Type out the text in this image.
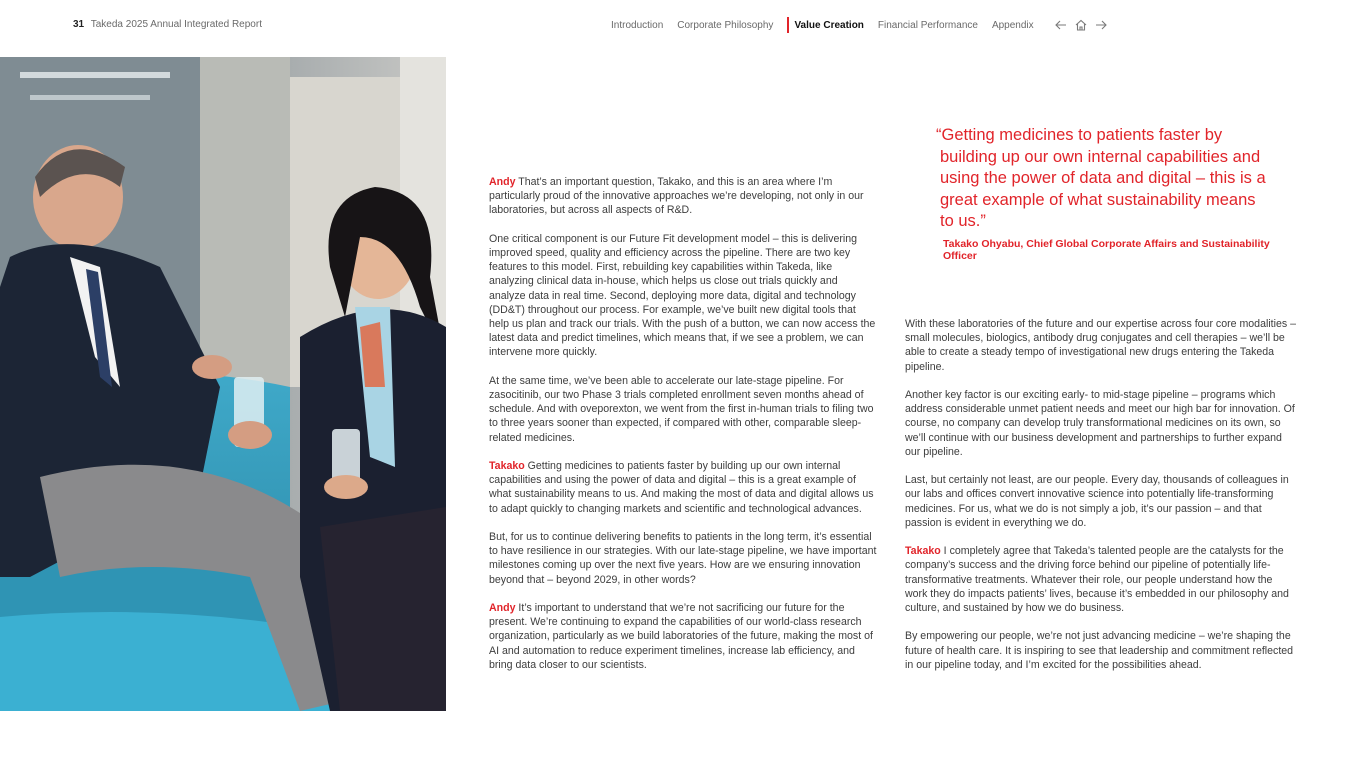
31 Takeda 2025 Annual Integrated Report	Introduction Corporate Philosophy	Value Creation Financial Performance Appendix

Andy That’s an important question, Takako, and this is an area where I’m particularly proud of the innovative approaches we’re developing, not only in our laboratories, but across all aspects of R&D.

One critical component is our Future Fit development model – this is delivering improved speed, quality and efficiency across the pipeline. There are two key features to this model. First, rebuilding key capabilities within Takeda, like analyzing clinical data in-house, which helps us close out trials quickly and analyze data in real time. Second, deploying more data, digital and technology (DD&T) throughout our process. For example, we’ve built new digital tools that help us plan and track our trials. With the push of a button, we can now access the latest data and predict timelines, which means that, if we see a problem, we can intervene more quickly.

At the same time, we’ve been able to accelerate our late-stage pipeline. For zasocitinib, our two Phase 3 trials completed enrollment seven months ahead of schedule. And with oveporexton, we went from the first in-human trials to filing two to three years sooner than expected, if compared with other, comparable sleep-related medicines.

Takako Getting medicines to patients faster by building up our own internal capabilities and using the power of data and digital – this is a great example of what sustainability means to us. And making the most of data and digital allows us to adapt quickly to changing markets and scientific and technological advances.

But, for us to continue delivering benefits to patients in the long term, it’s essential to have resilience in our strategies. With our late-stage pipeline, we have important milestones coming up over the next five years. How are we ensuring innovation beyond that – beyond 2029, in other words?

Andy It’s important to understand that we’re not sacrificing our future for the present. We’re continuing to expand the capabilities of our world-class research organization, particularly as we build laboratories of the future, making the most of AI and automation to reduce experiment timelines, increase lab efficiency, and bring data closer to our scientists.

“Getting medicines to patients faster by building up our own internal capabilities and using the power of data and digital – this is a great example of what sustainability means to us.”
Takako Ohyabu, Chief Global Corporate Affairs and Sustainability Officer

With these laboratories of the future and our expertise across four core modalities – small molecules, biologics, antibody drug conjugates and cell therapies – we’ll be able to create a steady tempo of investigational new drugs entering the Takeda pipeline.

Another key factor is our exciting early- to mid-stage pipeline – programs which address considerable unmet patient needs and meet our high bar for innovation. Of course, no company can develop truly transformational medicines on its own, so we’ll continue with our business development and partnerships to further expand our pipeline.

Last, but certainly not least, are our people. Every day, thousands of colleagues in our labs and offices convert innovative science into potentially life-transforming medicines. For us, what we do is not simply a job, it’s our passion – and that passion is evident in everything we do.

Takako I completely agree that Takeda’s talented people are the catalysts for the company’s success and the driving force behind our pipeline of potentially life-transformative treatments. Whatever their role, our people understand how the work they do impacts patients’ lives, because it’s embedded in our philosophy and culture, and sustained by how we do business.

By empowering our people, we’re not just advancing medicine – we’re shaping the future of health care. It is inspiring to see that leadership and commitment reflected in our pipeline today, and I’m excited for the possibilities ahead.
